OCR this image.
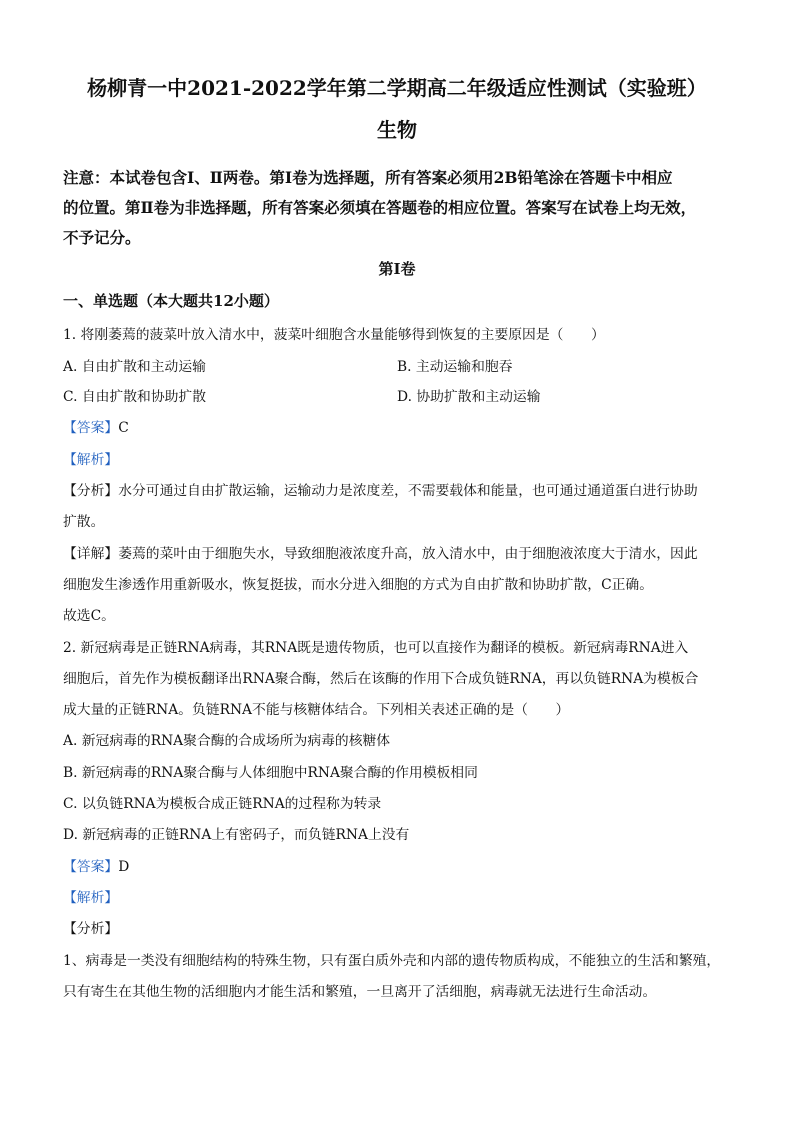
杨柳青一中2021-2022学年第二学期高二年级适应性测试（实验班）
生物
注意：本试卷包含Ⅰ、Ⅱ两卷。第Ⅰ卷为选择题，所有答案必须用2B铅笔涂在答题卡中相应
的位置。第Ⅱ卷为非选择题，所有答案必须填在答题卷的相应位置。答案写在试卷上均无效，
不予记分。
第Ⅰ卷
一、单选题（本大题共12小题）
1. 将刚萎蔫的菠菜叶放入清水中，菠菜叶细胞含水量能够得到恢复的主要原因是（　　）
A. 自由扩散和主动运输	B. 主动运输和胞吞
C. 自由扩散和协助扩散	D. 协助扩散和主动运输
【答案】C
【解析】
【分析】水分可通过自由扩散运输，运输动力是浓度差，不需要载体和能量，也可通过通道蛋白进行协助
扩散。
【详解】萎蔫的菜叶由于细胞失水，导致细胞液浓度升高，放入清水中，由于细胞液浓度大于清水，因此
细胞发生渗透作用重新吸水，恢复挺拔，而水分进入细胞的方式为自由扩散和协助扩散，C正确。
故选C。
2. 新冠病毒是正链RNA病毒，其RNA既是遗传物质，也可以直接作为翻译的模板。新冠病毒RNA进入
细胞后，首先作为模板翻译出RNA聚合酶，然后在该酶的作用下合成负链RNA，再以负链RNA为模板合
成大量的正链RNA。负链RNA不能与核糖体结合。下列相关表述正确的是（　　）
A. 新冠病毒的RNA聚合酶的合成场所为病毒的核糖体
B. 新冠病毒的RNA聚合酶与人体细胞中RNA聚合酶的作用模板相同
C. 以负链RNA为模板合成正链RNA的过程称为转录
D. 新冠病毒的正链RNA上有密码子，而负链RNA上没有
【答案】D
【解析】
【分析】
1、病毒是一类没有细胞结构的特殊生物，只有蛋白质外壳和内部的遗传物质构成，不能独立的生活和繁殖，
只有寄生在其他生物的活细胞内才能生活和繁殖，一旦离开了活细胞，病毒就无法进行生命活动。
